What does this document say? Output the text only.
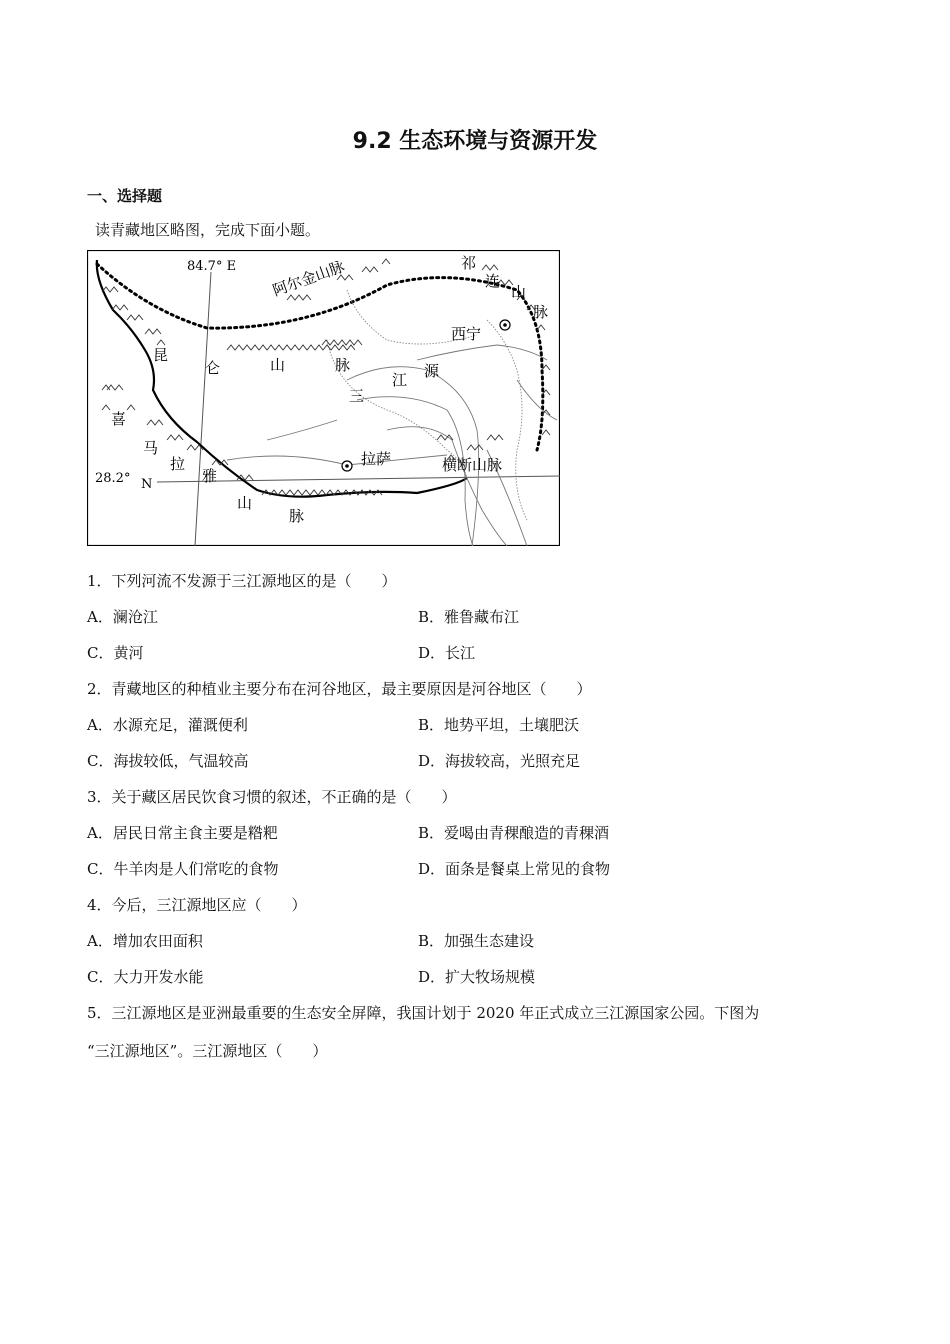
9.2 生态环境与资源开发
一、选择题
读青藏地区略图，完成下面小题。
84.7° E
28.2° N
阿尔金山脉	祁
连
山
脉
西宁
昆
仑	山	脉
三
江 源
喜
马
拉
雅
山
脉
拉萨	横断山脉
1．下列河流不发源于三江源地区的是（　　）
A．澜沧江	B．雅鲁藏布江
C．黄河	D．长江
2．青藏地区的种植业主要分布在河谷地区，最主要原因是河谷地区（　　）
A．水源充足，灌溉便利	B．地势平坦，土壤肥沃
C．海拔较低，气温较高	D．海拔较高，光照充足
3．关于藏区居民饮食习惯的叙述，不正确的是（　　）
A．居民日常主食主要是糌粑	B．爱喝由青稞酿造的青稞酒
C．牛羊肉是人们常吃的食物	D．面条是餐桌上常见的食物
4．今后，三江源地区应（　　）
A．增加农田面积	B．加强生态建设
C．大力开发水能	D．扩大牧场规模
5．三江源地区是亚洲最重要的生态安全屏障，我国计划于 2020 年正式成立三江源国家公园。下图为
“三江源地区”。三江源地区（　　）
